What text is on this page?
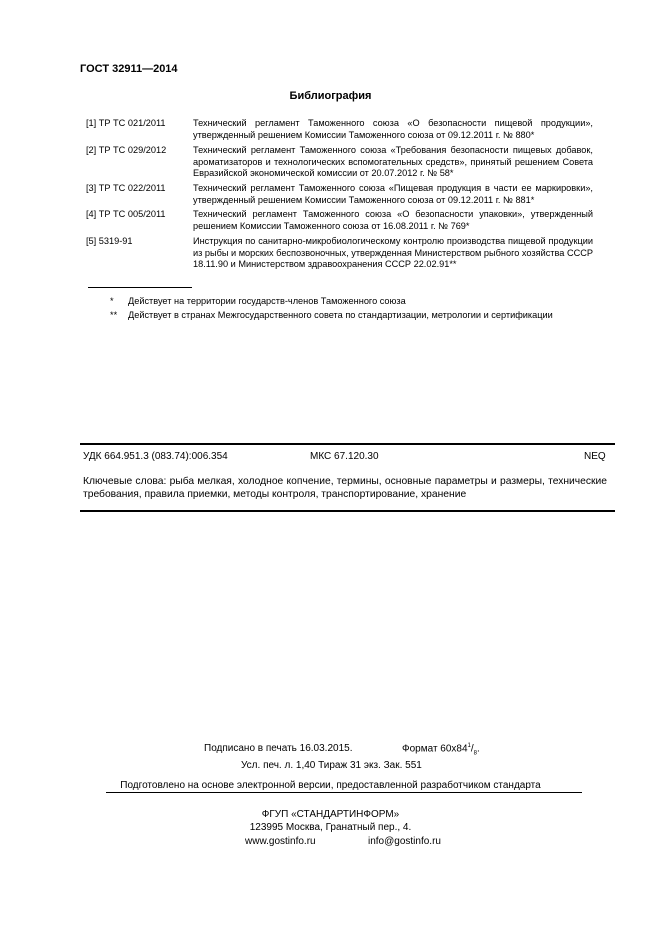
ГОСТ 32911—2014
Библиография
[1] ТР ТС 021/2011	Технический регламент Таможенного союза «О безопасности пищевой продукции», утвержденный решением Комиссии Таможенного союза от 09.12.2011 г. № 880*
[2] ТР ТС 029/2012	Технический регламент Таможенного союза «Требования безопасности пищевых добавок, ароматизаторов и технологических вспомогательных средств», принятый решением Совета Евразийской экономической комиссии от 20.07.2012 г. № 58*
[3] ТР ТС 022/2011	Технический регламент Таможенного союза «Пищевая продукция в части ее маркировки», утвержденный решением Комиссии Таможенного союза от 09.12.2011 г. № 881*
[4] ТР ТС 005/2011	Технический регламент Таможенного союза «О безопасности упаковки», утвержденный решением Комиссии Таможенного союза от 16.08.2011 г. № 769*
[5] 5319-91	Инструкция по санитарно-микробиологическому контролю производства пищевой продукции из рыбы и морских беспозвоночных, утвержденная Министерством рыбного хозяйства СССР 18.11.90 и Министерством здравоохранения СССР 22.02.91**
* Действует на территории государств-членов Таможенного союза
** Действует в странах Межгосударственного совета по стандартизации, метрологии и сертификации
УДК 664.951.3 (083.74):006.354	МКС 67.120.30	NEQ
Ключевые слова: рыба мелкая, холодное копчение, термины, основные параметры и размеры, технические требования, правила приемки, методы контроля, транспортирование, хранение
Подписано в печать 16.03.2015.	Формат $60x84^1/_8$.
Усл. печ. л. 1,40 Тираж 31 экз. Зак. 551
Подготовлено на основе электронной версии, предоставленной разработчиком стандарта
ФГУП «СТАНДАРТИНФОРМ»
123995 Москва, Гранатный пер., 4.
www.gostinfo.ru	info@gostinfo.ru
